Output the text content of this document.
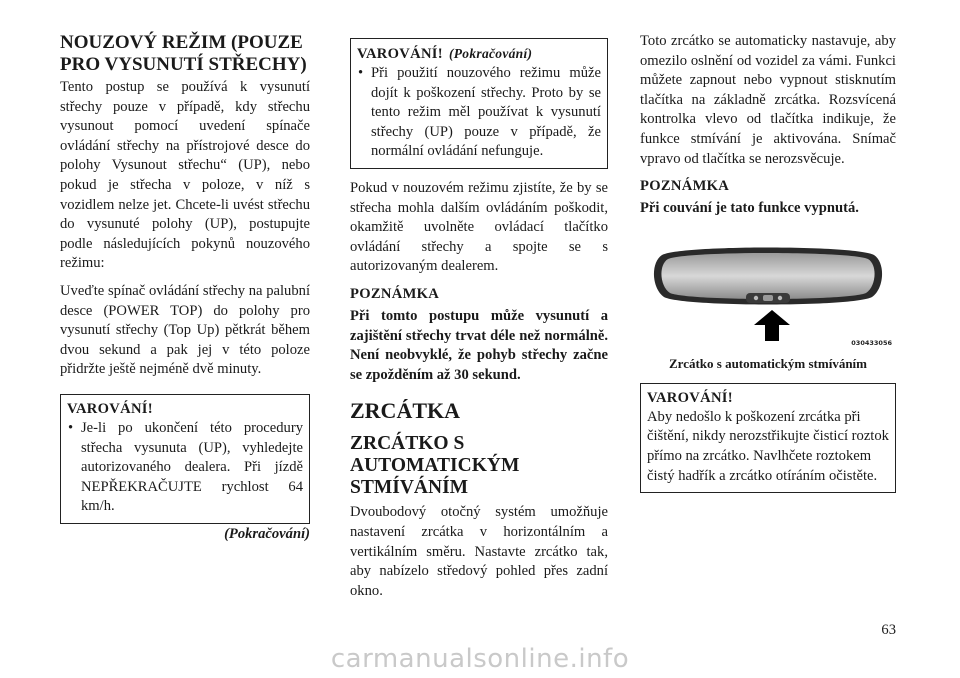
NOUZOVÝ REŽIM (POUZE PRO VYSUNUTÍ STŘECHY)

Tento postup se používá k vysunutí střechy pouze v případě, kdy střechu vysunout pomocí uvedení spínače ovládání střechy na přístrojové desce do polohy Vysunout střechu“ (UP), nebo pokud je střecha v poloze, v níž s vozidlem nelze jet. Chcete-li uvést střechu do vysunuté polohy (UP), postupujte podle následujících pokynů nouzového režimu:

Uveďte spínač ovládání střechy na palubní desce (POWER TOP) do polohy pro vysunutí střechy (Top Up) pětkrát během dvou sekund a pak jej v této poloze přidržte ještě nejméně dvě minuty.

VAROVÁNÍ!
• Je-li po ukončení této procedury střecha vysunuta (UP), vyhledejte autorizovaného dealera. Při jízdě NEPŘEKRAČUJTE rychlost 64 km/h.
(Pokračování)
VAROVÁNÍ! (Pokračování)
• Při použití nouzového režimu může dojít k poškození střechy. Proto by se tento režim měl používat k vysunutí střechy (UP) pouze v případě, že normální ovládání nefunguje.

Pokud v nouzovém režimu zjistíte, že by se střecha mohla dalším ovládáním poškodit, okamžitě uvolněte ovládací tlačítko ovládání střechy a spojte se s autorizovaným dealerem.

POZNÁMKA

Při tomto postupu může vysunutí a zajištění střechy trvat déle než normálně. Není neobvyklé, že pohyb střechy začne se zpožděním až 30 sekund.

ZRCÁTKA
ZRCÁTKO S AUTOMATICKÝM STMÍVÁNÍM

Dvoubodový otočný systém umožňuje nastavení zrcátka v horizontálním a vertikálním směru. Nastavte zrcátko tak, aby nabízelo středový pohled přes zadní okno.

Toto zrcátko se automaticky nastavuje, aby omezilo oslnění od vozidel za vámi. Funkci můžete zapnout nebo vypnout stisknutím tlačítka na základně zrcátka. Rozsvícená kontrolka vlevo od tlačítka indikuje, že funkce stmívání je aktivována. Snímač vpravo od tlačítka se nerozsvěcuje.

POZNÁMKA

Při couvání je tato funkce vypnutá.

030433056
Zrcátko s automatickým stmíváním
VAROVÁNÍ!

Aby nedošlo k poškození zrcátka při čištění, nikdy nerozstřikujte čisticí roztok přímo na zrcátko. Navlhčete roztokem čistý hadřík a zrcátko otíráním očistěte.

63
carmanualsonline.info
